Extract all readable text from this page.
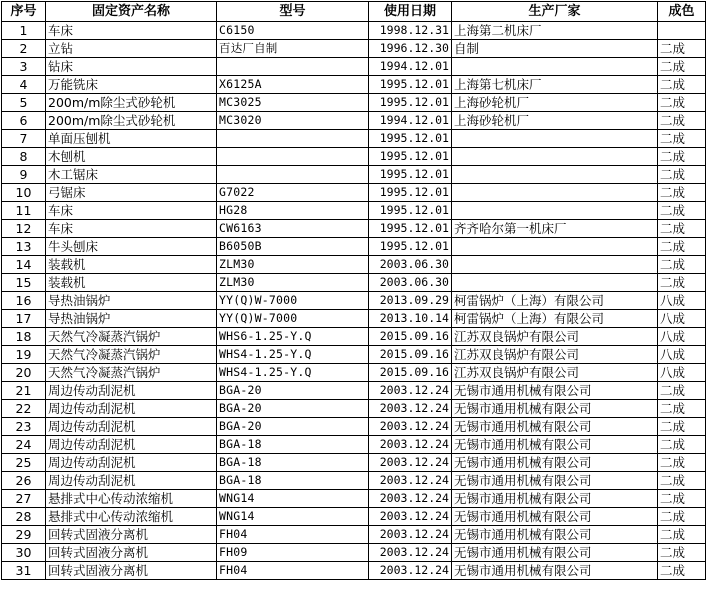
序号	固定资产名称	型号	使用日期	生产厂家	成色
1	车床	C6150	1998.12.31	上海第二机床厂	
2	立钻	百达厂自制	1996.12.30	自制	二成
3	钻床		1994.12.01		二成
4	万能铣床	X6125A	1995.12.01	上海第七机床厂	二成
5	200m/m除尘式砂轮机	MC3025	1995.12.01	上海砂轮机厂	二成
6	200m/m除尘式砂轮机	MC3020	1994.12.01	上海砂轮机厂	二成
7	单面压刨机		1995.12.01		二成
8	木刨机		1995.12.01		二成
9	木工锯床		1995.12.01		二成
10	弓锯床	G7022	1995.12.01		二成
11	车床	HG28	1995.12.01		二成
12	车床	CW6163	1995.12.01	齐齐哈尔第一机床厂	二成
13	牛头刨床	B6050B	1995.12.01		二成
14	装载机	ZLM30	2003.06.30		二成
15	装载机	ZLM30	2003.06.30		二成
16	导热油锅炉	YY(Q)W-7000	2013.09.29	柯雷锅炉（上海）有限公司	八成
17	导热油锅炉	YY(Q)W-7000	2013.10.14	柯雷锅炉（上海）有限公司	八成
18	天然气冷凝蒸汽锅炉	WHS6-1.25-Y.Q	2015.09.16	江苏双良锅炉有限公司	八成
19	天然气冷凝蒸汽锅炉	WHS4-1.25-Y.Q	2015.09.16	江苏双良锅炉有限公司	八成
20	天然气冷凝蒸汽锅炉	WHS4-1.25-Y.Q	2015.09.16	江苏双良锅炉有限公司	八成
21	周边传动刮泥机	BGA-20	2003.12.24	无锡市通用机械有限公司	二成
22	周边传动刮泥机	BGA-20	2003.12.24	无锡市通用机械有限公司	二成
23	周边传动刮泥机	BGA-20	2003.12.24	无锡市通用机械有限公司	二成
24	周边传动刮泥机	BGA-18	2003.12.24	无锡市通用机械有限公司	二成
25	周边传动刮泥机	BGA-18	2003.12.24	无锡市通用机械有限公司	二成
26	周边传动刮泥机	BGA-18	2003.12.24	无锡市通用机械有限公司	二成
27	悬排式中心传动浓缩机	WNG14	2003.12.24	无锡市通用机械有限公司	二成
28	悬排式中心传动浓缩机	WNG14	2003.12.24	无锡市通用机械有限公司	二成
29	回转式固液分离机	FH04	2003.12.24	无锡市通用机械有限公司	二成
30	回转式固液分离机	FH09	2003.12.24	无锡市通用机械有限公司	二成
31	回转式固液分离机	FH04	2003.12.24	无锡市通用机械有限公司	二成
